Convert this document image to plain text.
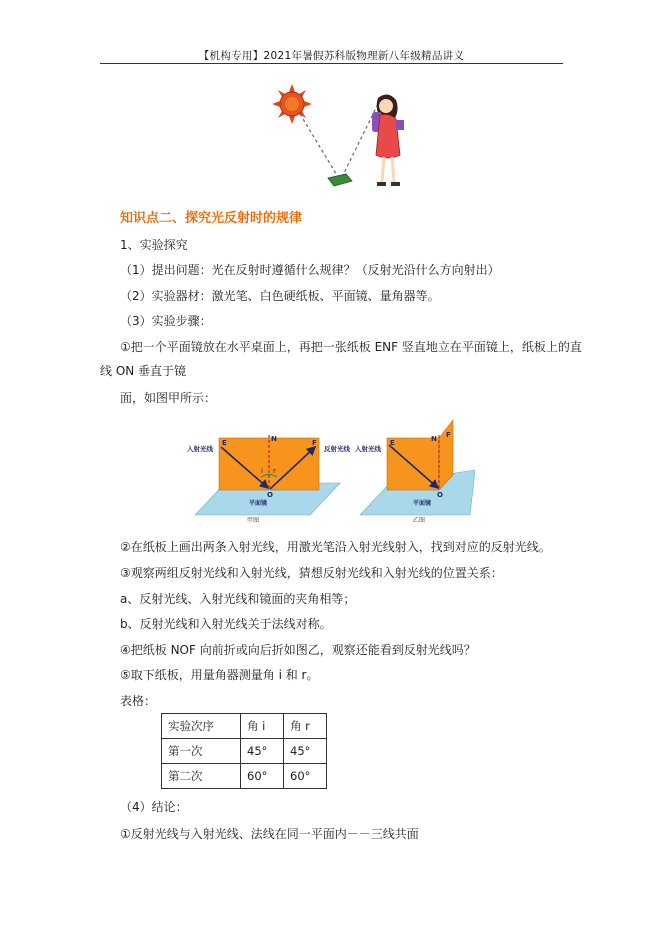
【机构专用】2021年暑假苏科版物理新八年级精品讲义
知识点二、探究光反射时的规律
1、实验探究
（1）提出问题：光在反射时遵循什么规律？（反射光沿什么方向射出）
（2）实验器材：激光笔、白色硬纸板、平面镜、量角器等。
（3）实验步骤：
①把一个平面镜放在水平桌面上，再把一张纸板 ENF 竖直地立在平面镜上，纸板上的直
线 ON 垂直于镜
面，如图甲所示：
入射光线	反射光线
E	N	F
i r
O
平面镜
甲图
入射光线
E	N F
O
平面镜
乙图
②在纸板上画出两条入射光线，用激光笔沿入射光线射入，找到对应的反射光线。
③观察两组反射光线和入射光线，猜想反射光线和入射光线的位置关系：
a、反射光线、入射光线和镜面的夹角相等；
b、反射光线和入射光线关于法线对称。
④把纸板 NOF 向前折或向后折如图乙，观察还能看到反射光线吗？
⑤取下纸板，用量角器测量角 i 和 r。
表格：
实验次序	角 i	角 r
第一次	45°	45°
第二次	60°	60°
（4）结论：
①反射光线与入射光线、法线在同一平面内－－三线共面
